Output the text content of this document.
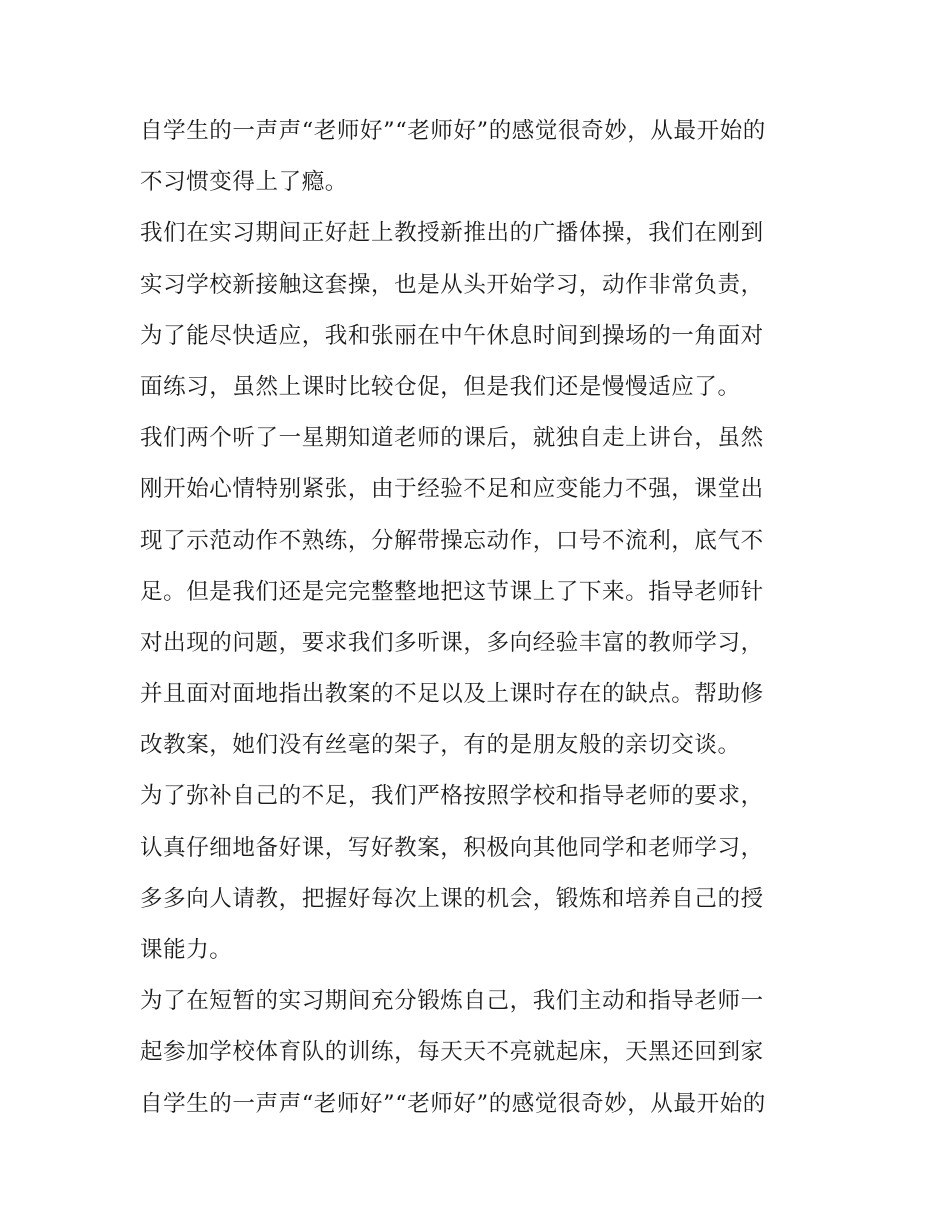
自学生的一声声“老师好”“老师好”的感觉很奇妙，从最开始的
不习惯变得上了瘾。
我们在实习期间正好赶上教授新推出的广播体操，我们在刚到
实习学校新接触这套操，也是从头开始学习，动作非常负责，
为了能尽快适应，我和张丽在中午休息时间到操场的一角面对
面练习，虽然上课时比较仓促，但是我们还是慢慢适应了。
我们两个听了一星期知道老师的课后，就独自走上讲台，虽然
刚开始心情特别紧张，由于经验不足和应变能力不强，课堂出
现了示范动作不熟练，分解带操忘动作，口号不流利，底气不
足。但是我们还是完完整整地把这节课上了下来。指导老师针
对出现的问题，要求我们多听课，多向经验丰富的教师学习，
并且面对面地指出教案的不足以及上课时存在的缺点。帮助修
改教案，她们没有丝毫的架子，有的是朋友般的亲切交谈。
为了弥补自己的不足，我们严格按照学校和指导老师的要求，
认真仔细地备好课，写好教案，积极向其他同学和老师学习，
多多向人请教，把握好每次上课的机会，锻炼和培养自己的授
课能力。
为了在短暂的实习期间充分锻炼自己，我们主动和指导老师一
起参加学校体育队的训练，每天天不亮就起床，天黑还回到家
自学生的一声声“老师好”“老师好”的感觉很奇妙，从最开始的
